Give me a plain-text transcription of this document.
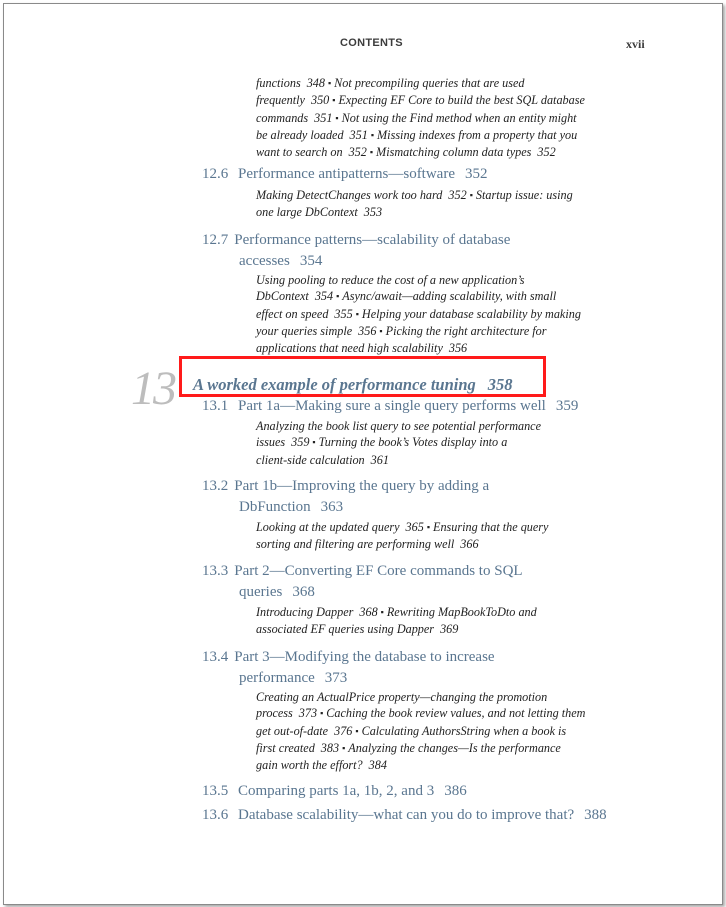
CONTENTS	xvii
functions 348 ▪ Not precompiling queries that are used
frequently 350 ▪ Expecting EF Core to build the best SQL database
commands 351 ▪ Not using the Find method when an entity might
be already loaded 351 ▪ Missing indexes from a property that you
want to search on 352 ▪ Mismatching column data types 352
12.6 Performance antipatterns—software 352
Making DetectChanges work too hard 352 ▪ Startup issue: using
one large DbContext 353
12.7 Performance patterns—scalability of database
accesses 354
Using pooling to reduce the cost of a new application’s
DbContext 354 ▪ Async/await—adding scalability, with small
effect on speed 355 ▪ Helping your database scalability by making
your queries simple 356 ▪ Picking the right architecture for
applications that need high scalability 356
13 13.1 Part 1a—Making sure a single query performs well 359
A worked example of performance tuning 358
Analyzing the book list query to see potential performance
issues 359 ▪ Turning the book’s Votes display into a
client-side calculation 361
13.2 Part 1b—Improving the query by adding a
DbFunction 363
Looking at the updated query 365 ▪ Ensuring that the query
sorting and filtering are performing well 366
13.3 Part 2—Converting EF Core commands to SQL
queries 368
Introducing Dapper 368 ▪ Rewriting MapBookToDto and
associated EF queries using Dapper 369
13.4 Part 3—Modifying the database to increase
performance 373
Creating an ActualPrice property—changing the promotion
process 373 ▪ Caching the book review values, and not letting them
get out-of-date 376 ▪ Calculating AuthorsString when a book is
first created 383 ▪ Analyzing the changes—Is the performance
gain worth the effort? 384
13.5 Comparing parts 1a, 1b, 2, and 3 386
13.6 Database scalability—what can you do to improve that? 388
